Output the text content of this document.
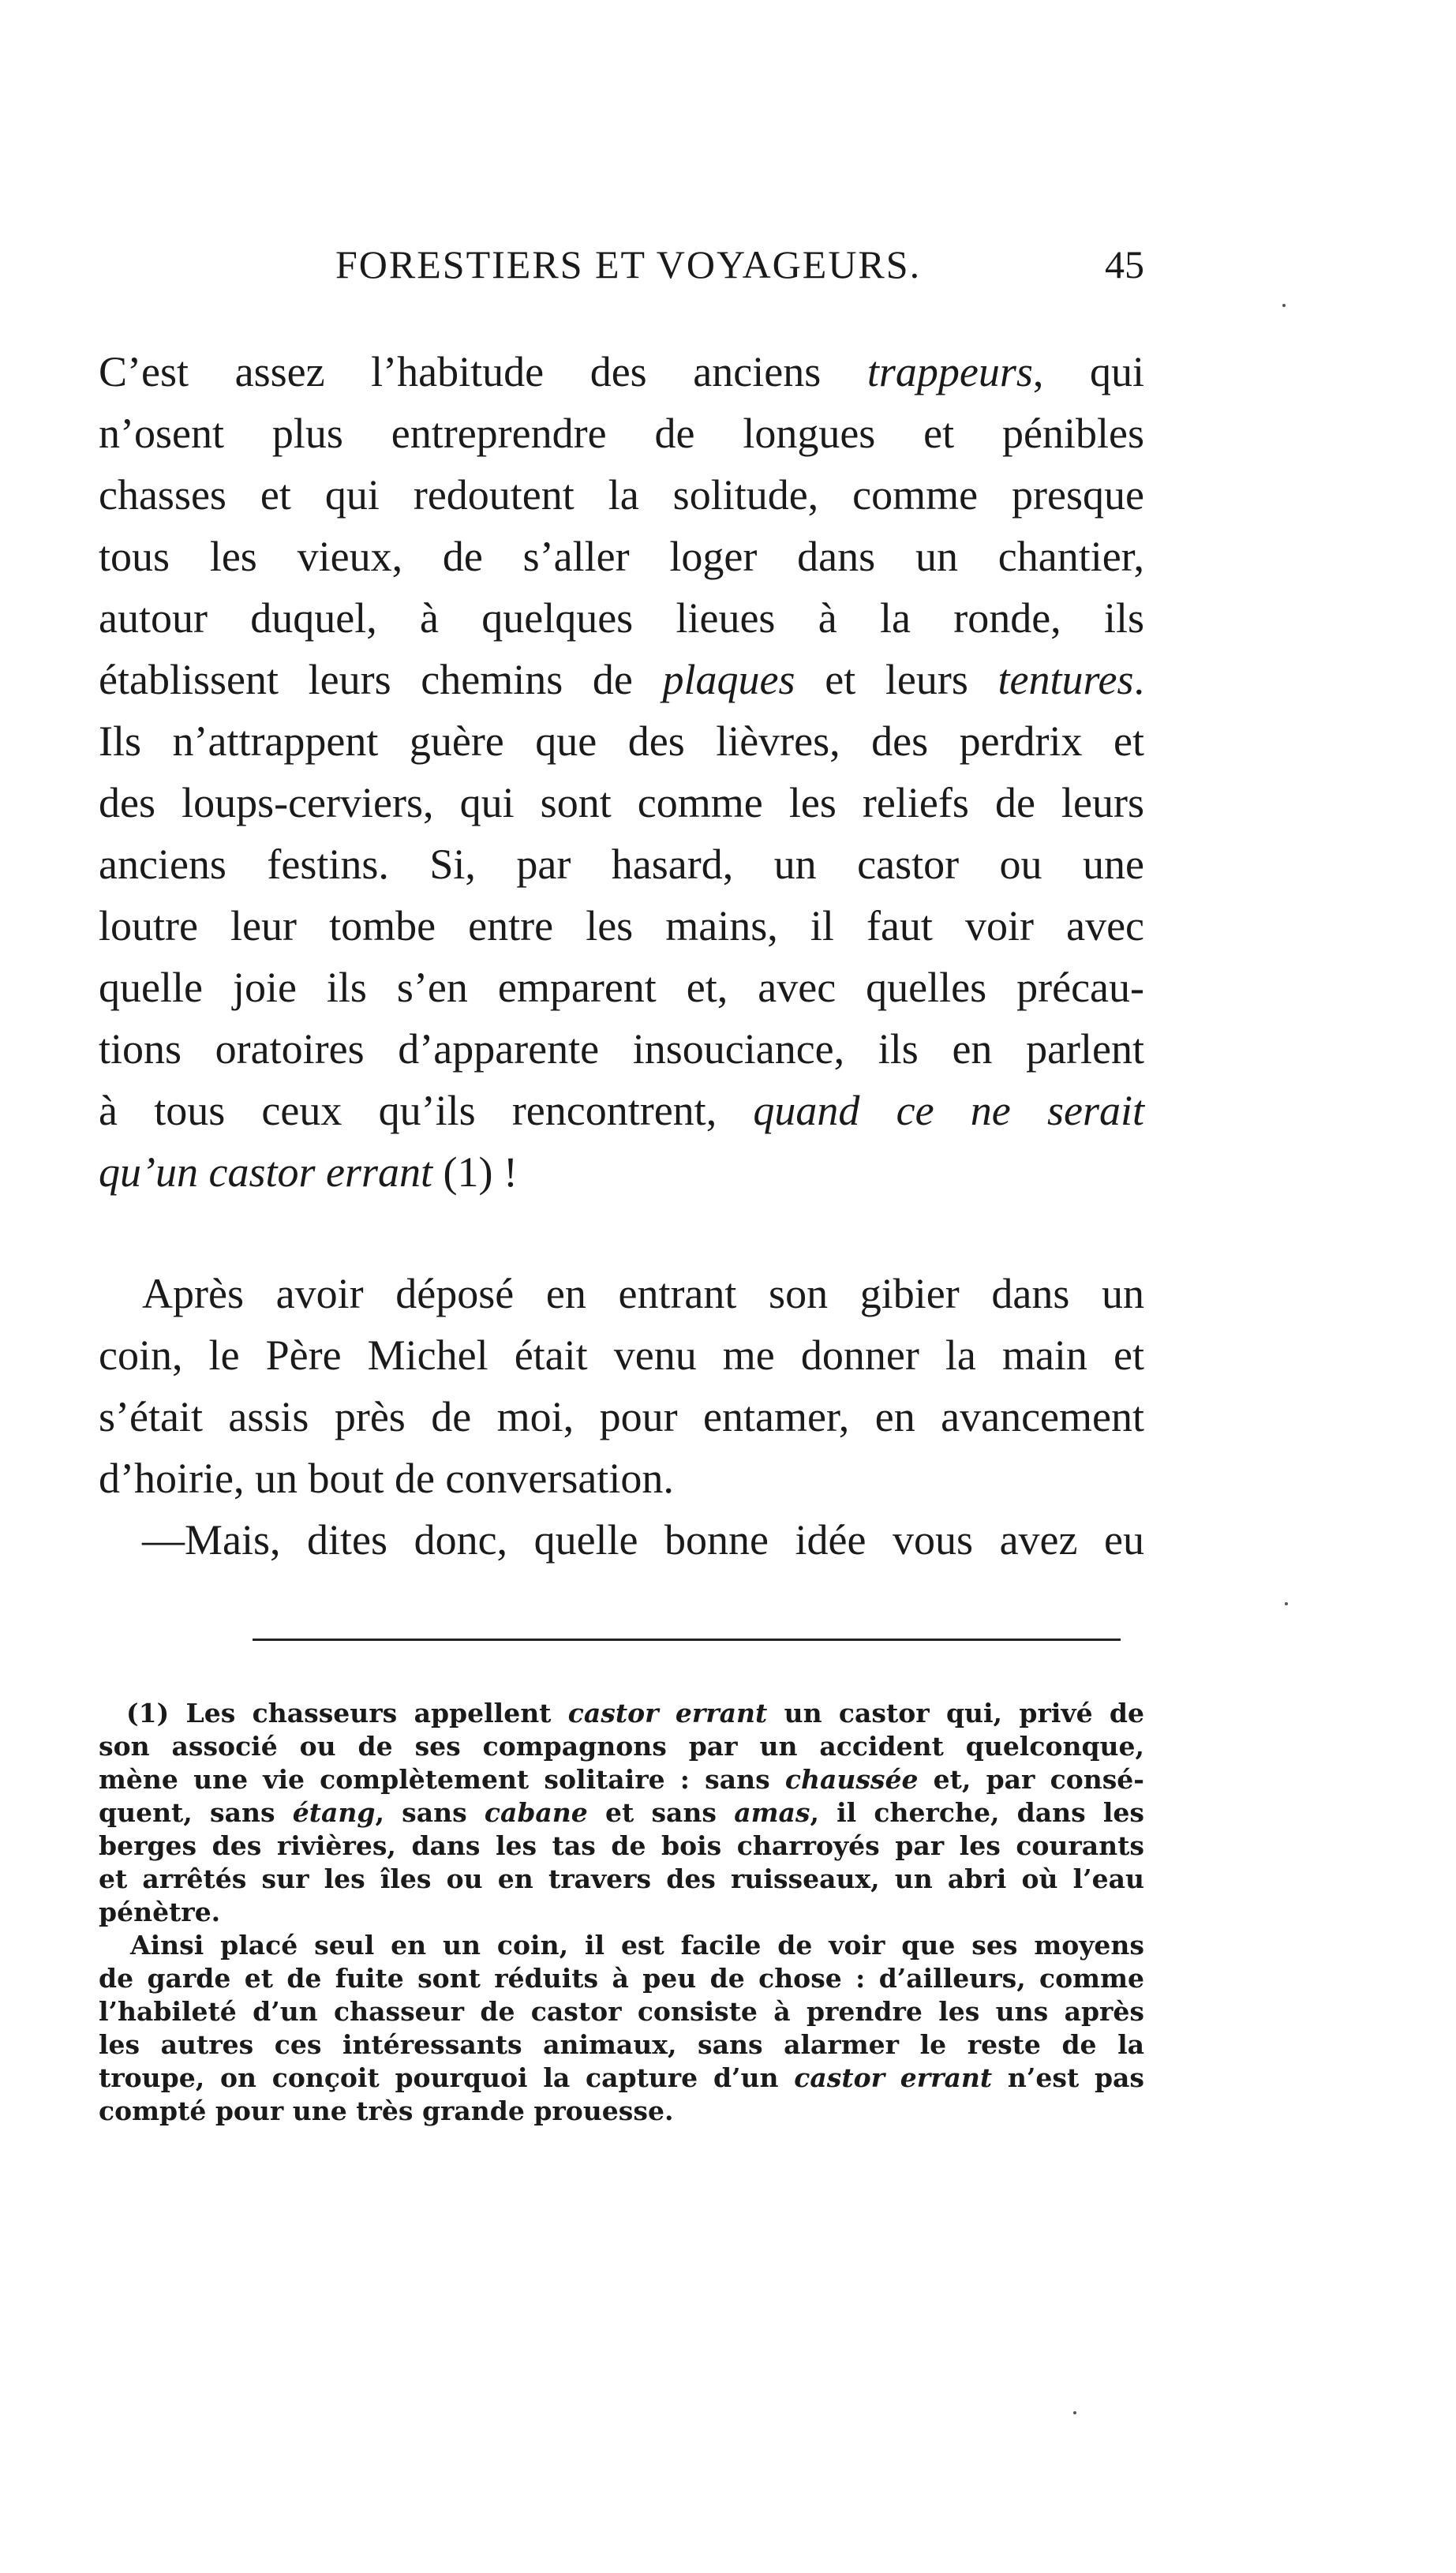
FORESTIERS ET VOYAGEURS.	45
C’est assez l’habitude des anciens trappeurs, qui
n’osent plus entreprendre de longues et pénibles
chasses et qui redoutent la solitude, comme presque
tous les vieux, de s’aller loger dans un chantier,
autour duquel, à quelques lieues à la ronde, ils
établissent leurs chemins de plaques et leurs tentures.
Ils n’attrappent guère que des lièvres, des perdrix et
des loups-cerviers, qui sont comme les reliefs de leurs
anciens festins. Si, par hasard, un castor ou une
loutre leur tombe entre les mains, il faut voir avec
quelle joie ils s’en emparent et, avec quelles précau-
tions oratoires d’apparente insouciance, ils en parlent
à tous ceux qu’ils rencontrent, quand ce ne serait
qu’un castor errant (1) !
Après avoir déposé en entrant son gibier dans un
coin, le Père Michel était venu me donner la main et
s’était assis près de moi, pour entamer, en avancement
d’hoirie, un bout de conversation.
—Mais, dites donc, quelle bonne idée vous avez eu
(1) Les chasseurs appellent castor errant un castor qui, privé de
son associé ou de ses compagnons par un accident quelconque,
mène une vie complètement solitaire : sans chaussée et, par consé-
quent, sans étang, sans cabane et sans amas, il cherche, dans les
berges des rivières, dans les tas de bois charroyés par les courants
et arrêtés sur les îles ou en travers des ruisseaux, un abri où l’eau
pénètre.
Ainsi placé seul en un coin, il est facile de voir que ses moyens
de garde et de fuite sont réduits à peu de chose : d’ailleurs, comme
l’habileté d’un chasseur de castor consiste à prendre les uns après
les autres ces intéressants animaux, sans alarmer le reste de la
troupe, on conçoit pourquoi la capture d’un castor errant n’est pas
compté pour une très grande prouesse.
